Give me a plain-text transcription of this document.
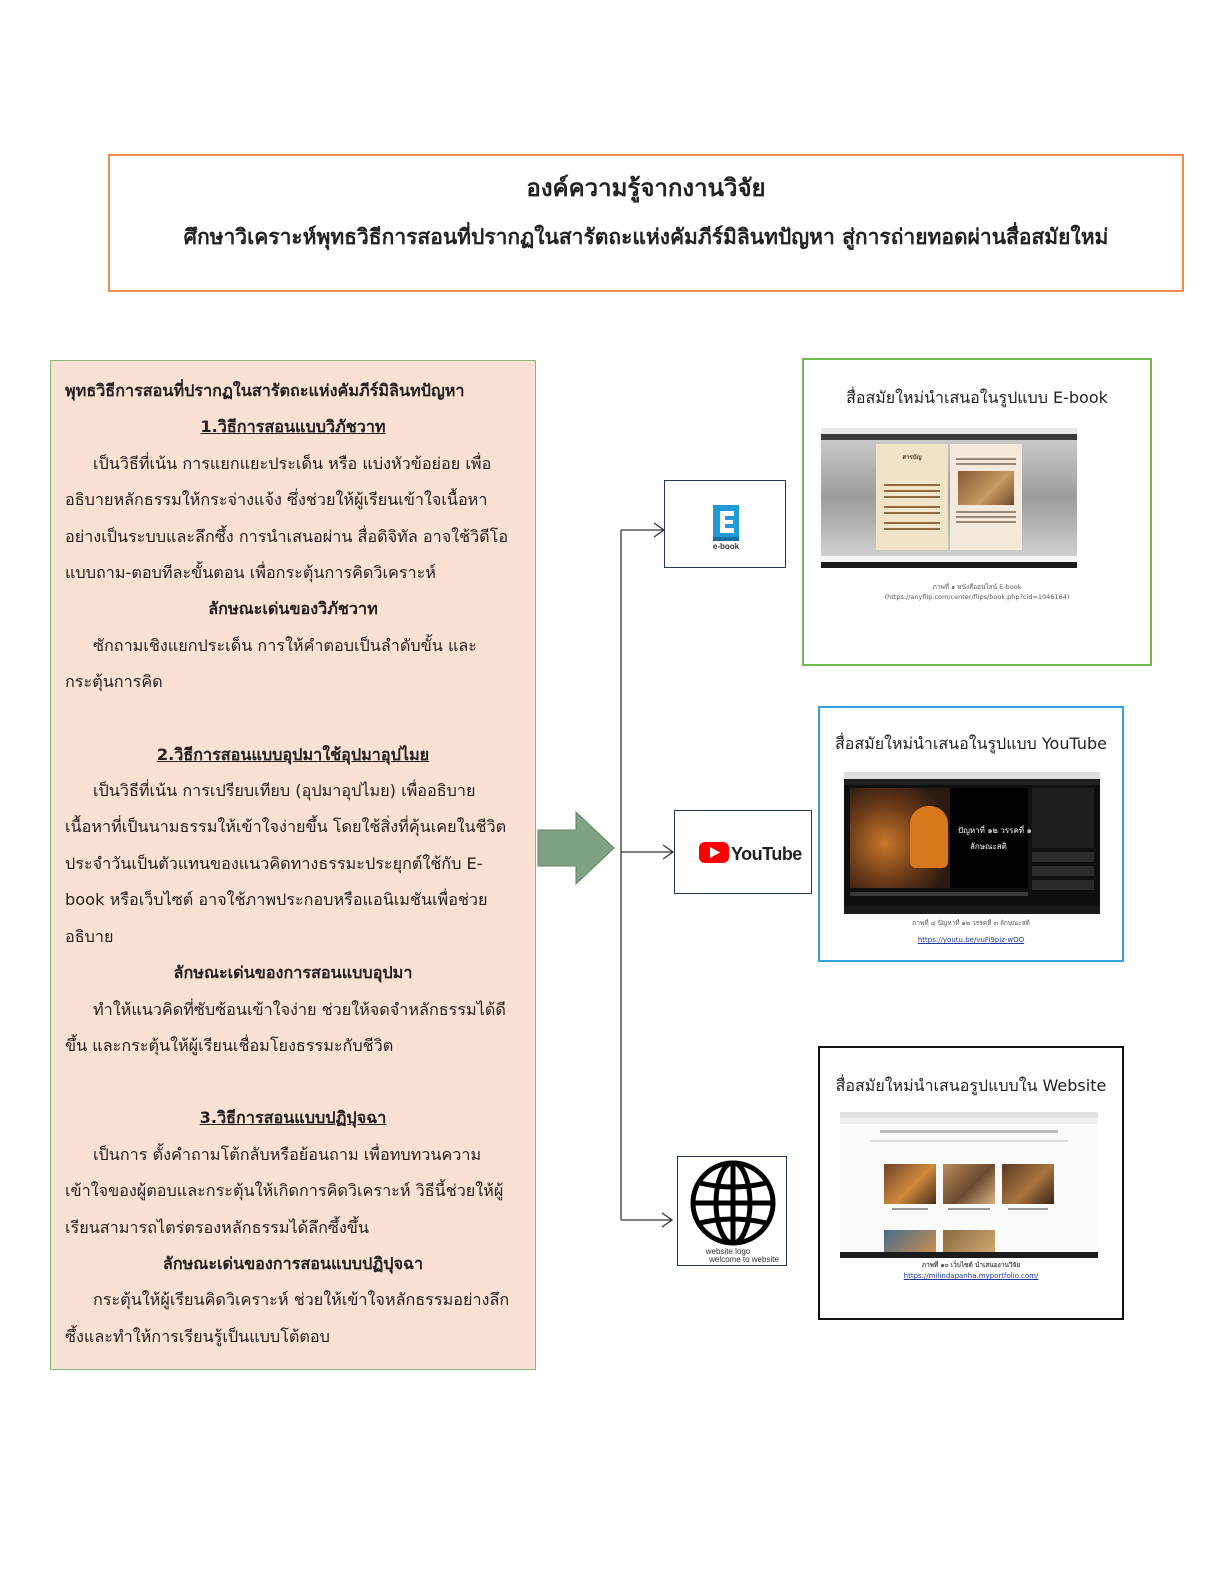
องค์ความรู้จากงานวิจัย
ศึกษาวิเคราะห์พุทธวิธีการสอนที่ปรากฏในสารัตถะแห่งคัมภีร์มิลินทปัญหา สู่การถ่ายทอดผ่านสื่อสมัยใหม่

พุทธวิธีการสอนที่ปรากฏในสารัตถะแห่งคัมภีร์มิลินทปัญหา

1.วิธีการสอนแบบวิภัชวาท

เป็นวิธีที่เน้น การแยกแยะประเด็น หรือ แบ่งหัวข้อย่อย เพื่ออธิบายหลักธรรมให้กระจ่างแจ้ง ซึ่งช่วยให้ผู้เรียนเข้าใจเนื้อหาอย่างเป็นระบบและลึกซึ้ง การนำเสนอผ่าน สื่อดิจิทัล อาจใช้วิดีโอแบบถาม-ตอบทีละขั้นตอน เพื่อกระตุ้นการคิดวิเคราะห์

ลักษณะเด่นของวิภัชวาท

ซักถามเชิงแยกประเด็น การให้คำตอบเป็นลำดับขั้น และกระตุ้นการคิด

2.วิธีการสอนแบบอุปมาใช้อุปมาอุปไมย

เป็นวิธีที่เน้น การเปรียบเทียบ (อุปมาอุปไมย) เพื่ออธิบายเนื้อหาที่เป็นนามธรรมให้เข้าใจง่ายขึ้น โดยใช้สิ่งที่คุ้นเคยในชีวิตประจำวันเป็นตัวแทนของแนวคิดทางธรรมะประยุกต์ใช้กับ E-book หรือเว็บไซต์ อาจใช้ภาพประกอบหรือแอนิเมชันเพื่อช่วยอธิบาย

ลักษณะเด่นของการสอนแบบอุปมา

ทำให้แนวคิดที่ซับซ้อนเข้าใจง่าย ช่วยให้จดจำหลักธรรมได้ดีขึ้น และกระตุ้นให้ผู้เรียนเชื่อมโยงธรรมะกับชีวิต

3.วิธีการสอนแบบปฏิปุจฉา

เป็นการ ตั้งคำถามโต้กลับหรือย้อนถาม เพื่อทบทวนความเข้าใจของผู้ตอบและกระตุ้นให้เกิดการคิดวิเคราะห์ วิธีนี้ช่วยให้ผู้เรียนสามารถไตร่ตรองหลักธรรมได้ลึกซึ้งขึ้น

ลักษณะเด่นของการสอนแบบปฏิปุจฉา

กระตุ้นให้ผู้เรียนคิดวิเคราะห์ ช่วยให้เข้าใจหลักธรรมอย่างลึกซึ้งและทำให้การเรียนรู้เป็นแบบโต้ตอบ

e-book
YouTube
website logo
welcome to website
สื่อสมัยใหม่นำเสนอในรูปแบบ E-book
สารบัญ
ภาพที่ ๑ หนังสืออนไลน์ E-book
(https://anyflip.com/center/flips/book.php?cid=1046164)
สื่อสมัยใหม่นำเสนอในรูปแบบ YouTube
ปัญหาที่ ๑๒ วรรคที่ ๑
ลักษณะสติ
ภาพที่ ๔ ปัญหาที่ ๑๒ วรรคที่ ๓ ลักษณะสติ
https://youtu.be/vuFi9piz-wOO
สื่อสมัยใหม่นำเสนอรูปแบบใน Website
ภาพที่ ๑๐ เว็บไซต์ นำเสนองานวิจัย
https://milindapanha.myportfolio.com/
